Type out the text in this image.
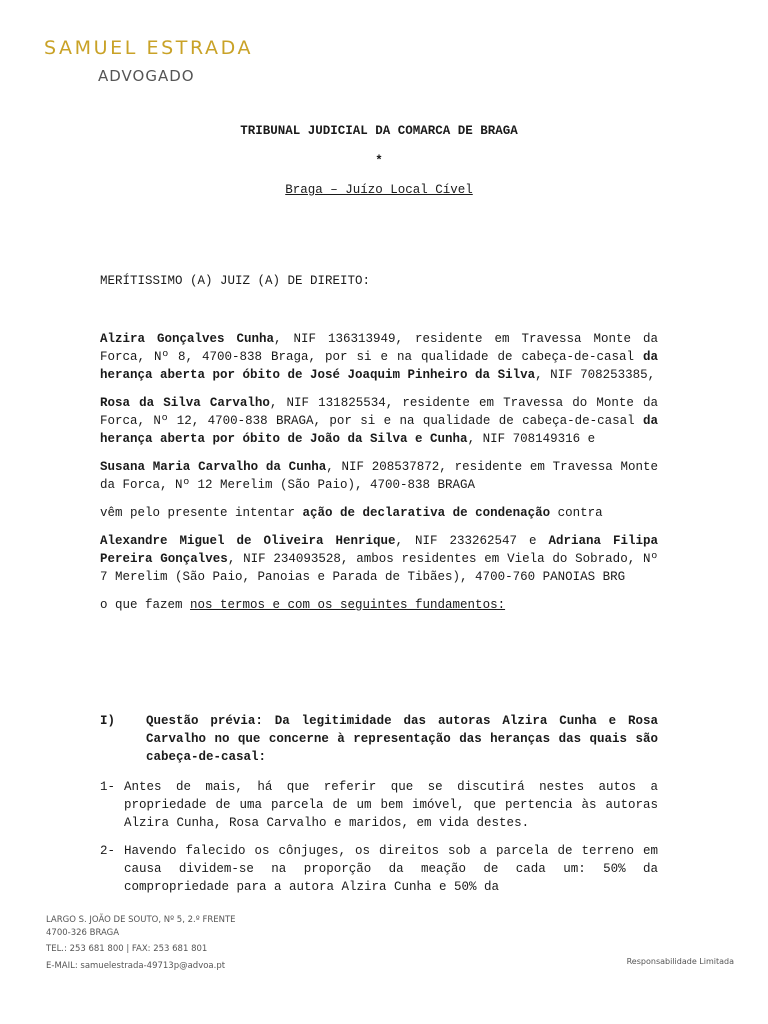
SAMUEL ESTRADA
ADVOGADO
TRIBUNAL JUDICIAL DA COMARCA DE BRAGA
*
Braga – Juízo Local Cível
MERÍTISSIMO (A) JUIZ (A) DE DIREITO:

Alzira Gonçalves Cunha, NIF 136313949, residente em Travessa Monte da Forca, Nº 8, 4700-838 Braga, por si e na qualidade de cabeça-de-casal da herança aberta por óbito de José Joaquim Pinheiro da Silva, NIF 708253385,

Rosa da Silva Carvalho, NIF 131825534, residente em Travessa do Monte da Forca, Nº 12, 4700-838 BRAGA, por si e na qualidade de cabeça-de-casal da herança aberta por óbito de João da Silva e Cunha, NIF 708149316 e

Susana Maria Carvalho da Cunha, NIF 208537872, residente em Travessa Monte da Forca, Nº 12 Merelim (São Paio), 4700-838 BRAGA

vêm pelo presente intentar ação de declarativa de condenação contra

Alexandre Miguel de Oliveira Henrique, NIF 233262547 e Adriana Filipa Pereira Gonçalves, NIF 234093528, ambos residentes em Viela do Sobrado, Nº 7 Merelim (São Paio, Panoias e Parada de Tibães), 4700-760 PANOIAS BRG

o que fazem nos termos e com os seguintes fundamentos:

I)	Questão prévia: Da legitimidade das autoras Alzira Cunha e Rosa Carvalho no que concerne à representação das heranças das quais são cabeça-de-casal:
1- Antes de mais, há que referir que se discutirá nestes autos a propriedade de uma parcela de um bem imóvel, que pertencia às autoras Alzira Cunha, Rosa Carvalho e maridos, em vida destes.
2- Havendo falecido os cônjuges, os direitos sob a parcela de terreno em causa dividem-se na proporção da meação de cada um: 50% da compropriedade para a autora Alzira Cunha e 50% da
LARGO S. JOÃO DE SOUTO, Nº 5, 2.º FRENTE
4700-326 BRAGA
TEL.: 253 681 800 | FAX: 253 681 801
E-MAIL: samuelestrada-49713p@advoa.pt	Responsabilidade Limitada
